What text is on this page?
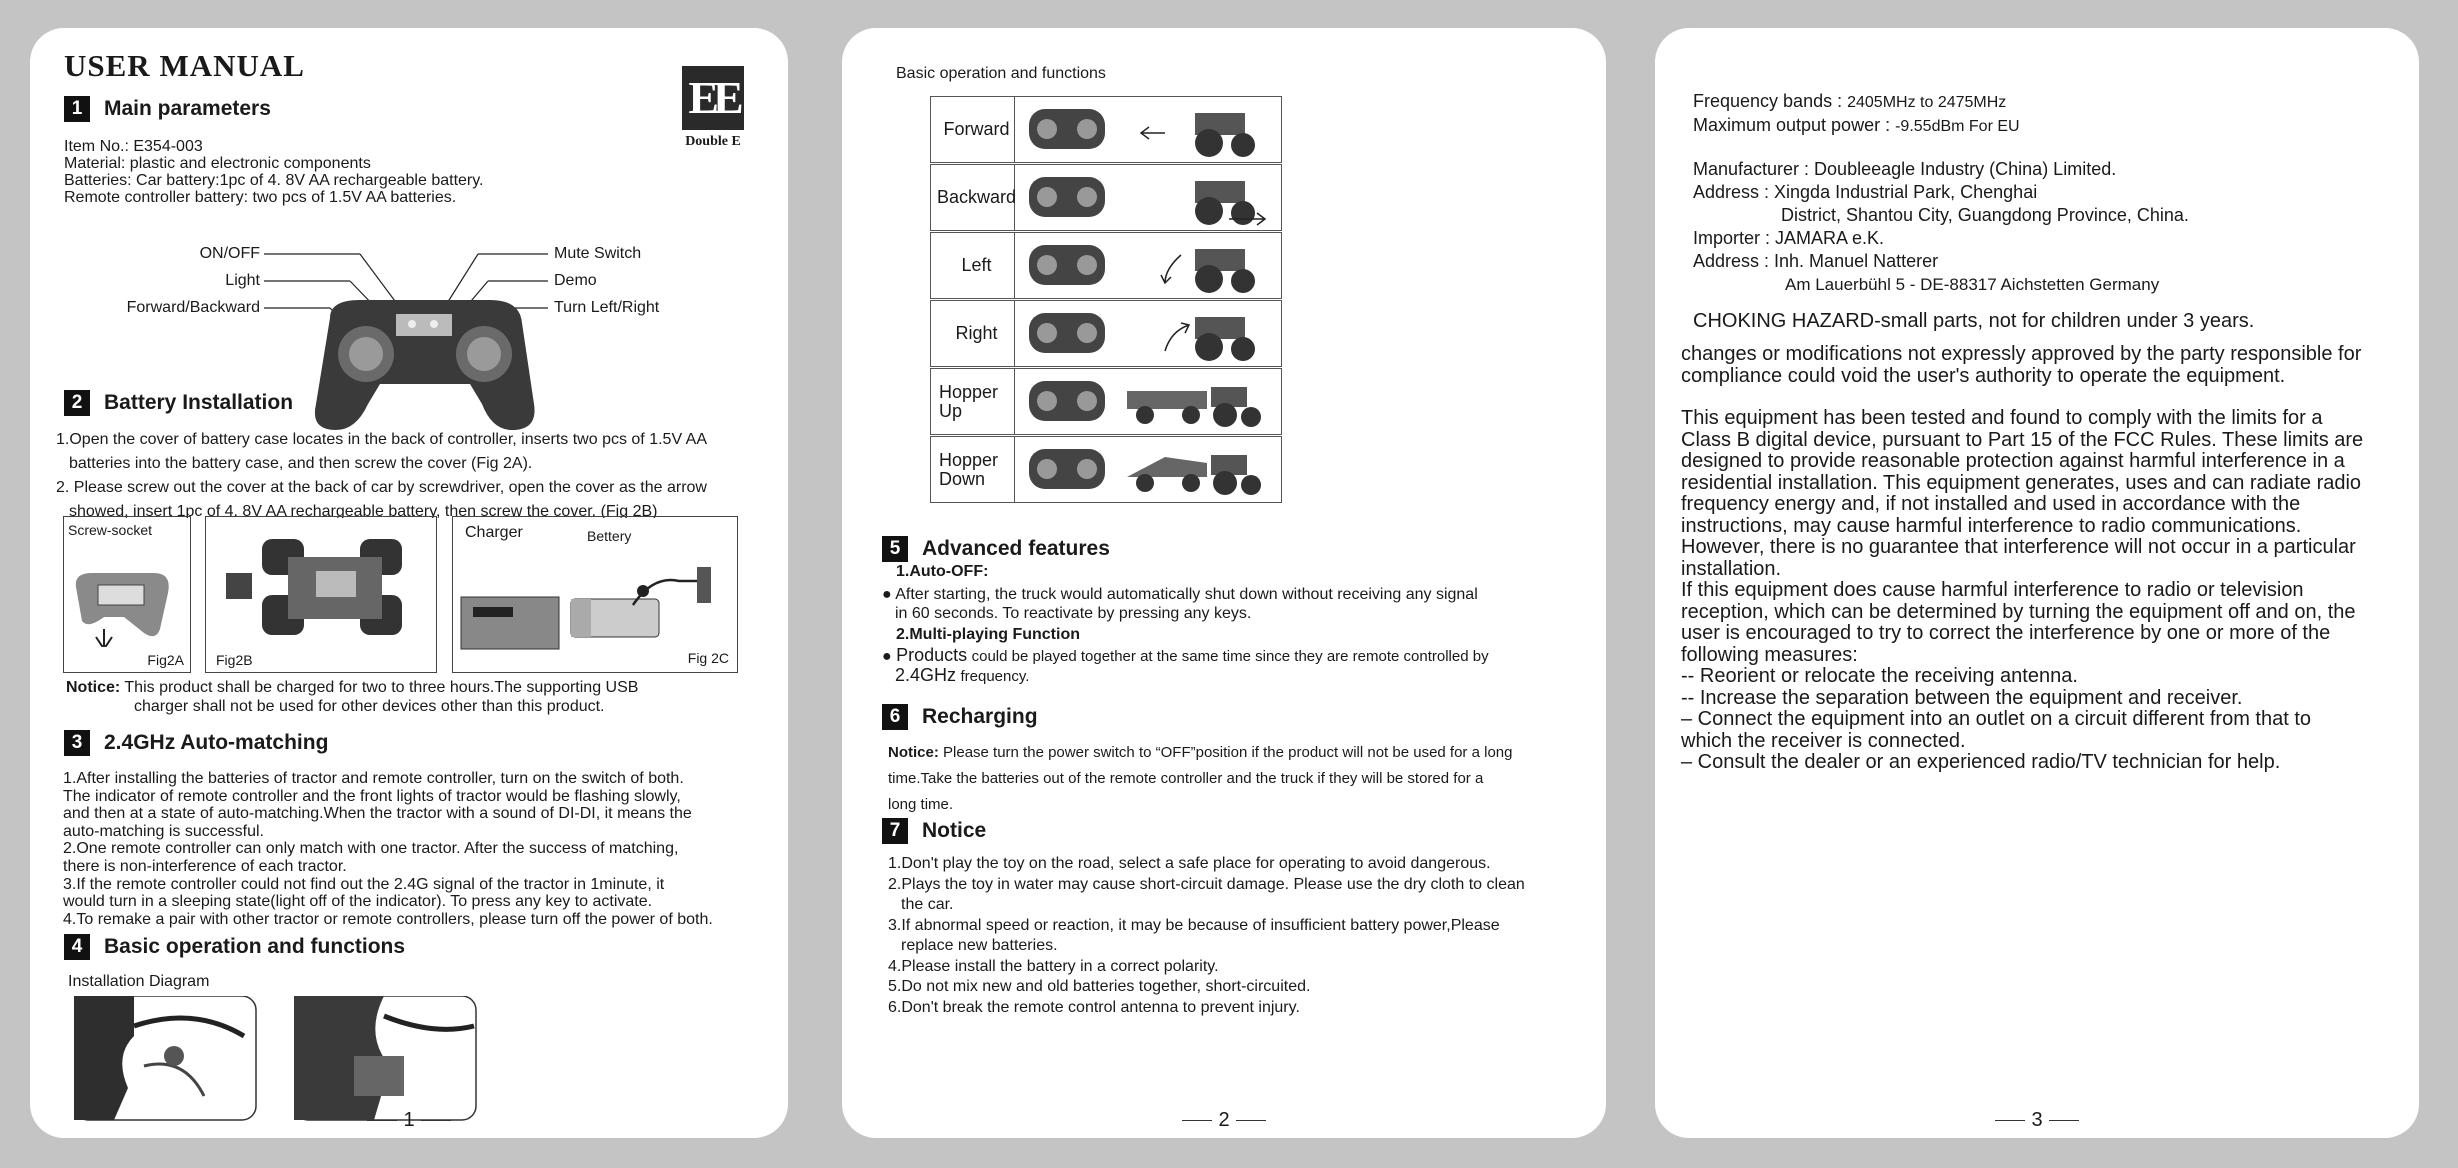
USER MANUAL
EE
Double E
1	Main parameters
Item No.: E354-003
Material: plastic and electronic components
Batteries: Car battery:1pc of 4. 8V AA rechargeable battery.
Remote controller battery: two pcs of 1.5V AA batteries.
ON/OFF
Light
Forward/Backward
Mute Switch
Demo
Turn Left/Right
2	Battery Installation
1.Open the cover of battery case locates in the back of controller, inserts two pcs of 1.5V AA
batteries into the battery case, and then screw the cover (Fig 2A).
2. Please screw out the cover at the back of car by screwdriver, open the cover as the arrow
showed, insert 1pc of 4. 8V AA rechargeable battery, then screw the cover. (Fig 2B)
Screw-socket
Fig2A Fig2B
Charger	Bettery
Fig 2C
Notice: This product shall be charged for two to three hours.The supporting USB
charger shall not be used for other devices other than this product.
3	2.4GHz Auto-matching
1.After installing the batteries of tractor and remote controller, turn on the switch of both.
The indicator of remote controller and the front lights of tractor would be flashing slowly,
and then at a state of auto-matching.When the tractor with a sound of DI-DI, it means the
auto-matching is successful.
2.One remote controller can only match with one tractor. After the success of matching,
there is non-interference of each tractor.
3.If the remote controller could not find out the 2.4G signal of the tractor in 1minute, it
would turn in a sleeping state(light off of the indicator). To press any key to activate.
4.To remake a pair with other tractor or remote controllers, please turn off the power of both.
4	Basic operation and functions
Installation Diagram
1
Basic operation and functions
Forward
Backward
Left
Right
Hopper Up
Hopper Down
5	Advanced features
1.Auto-OFF:
● After starting, the truck would automatically shut down without receiving any signal
in 60 seconds. To reactivate by pressing any keys.
2.Multi-playing Function
● Products could be played together at the same time since they are remote controlled by
2.4GHz frequency.
6	Recharging
Notice: Please turn the power switch to “OFF”position if the product will not be used for a long
time.Take the batteries out of the remote controller and the truck if they will be stored for a
long time.
7	Notice
1.Don't play the toy on the road, select a safe place for operating to avoid dangerous.
2.Plays the toy in water may cause short-circuit damage. Please use the dry cloth to clean
the car.
3.If abnormal speed or reaction, it may be because of insufficient battery power,Please
replace new batteries.
4.Please install the battery in a correct polarity.
5.Do not mix new and old batteries together, short-circuited.
6.Don't break the remote control antenna to prevent injury.
2
Frequency bands : 2405MHz to 2475MHz
Maximum output power : -9.55dBm For EU
Manufacturer : Doubleeagle Industry (China) Limited.
Address : Xingda Industrial Park, Chenghai
District, Shantou City, Guangdong Province, China.
Importer : JAMARA e.K.
Address : Inh. Manuel Natterer
Am Lauerbühl 5 - DE-88317 Aichstetten Germany
CHOKING HAZARD-small parts, not for children under 3 years.
changes or modifications not expressly approved by the party responsible for
compliance could void the user's authority to operate the equipment.
This equipment has been tested and found to comply with the limits for a
Class B digital device, pursuant to Part 15 of the FCC Rules. These limits are
designed to provide reasonable protection against harmful interference in a
residential installation. This equipment generates, uses and can radiate radio
frequency energy and, if not installed and used in accordance with the
instructions, may cause harmful interference to radio communications.
However, there is no guarantee that interference will not occur in a particular
installation.
If this equipment does cause harmful interference to radio or television
reception, which can be determined by turning the equipment off and on, the
user is encouraged to try to correct the interference by one or more of the
following measures:
-- Reorient or relocate the receiving antenna.
-- Increase the separation between the equipment and receiver.
– Connect the equipment into an outlet on a circuit different from that to
which the receiver is connected.
– Consult the dealer or an experienced radio/TV technician for help.
3
